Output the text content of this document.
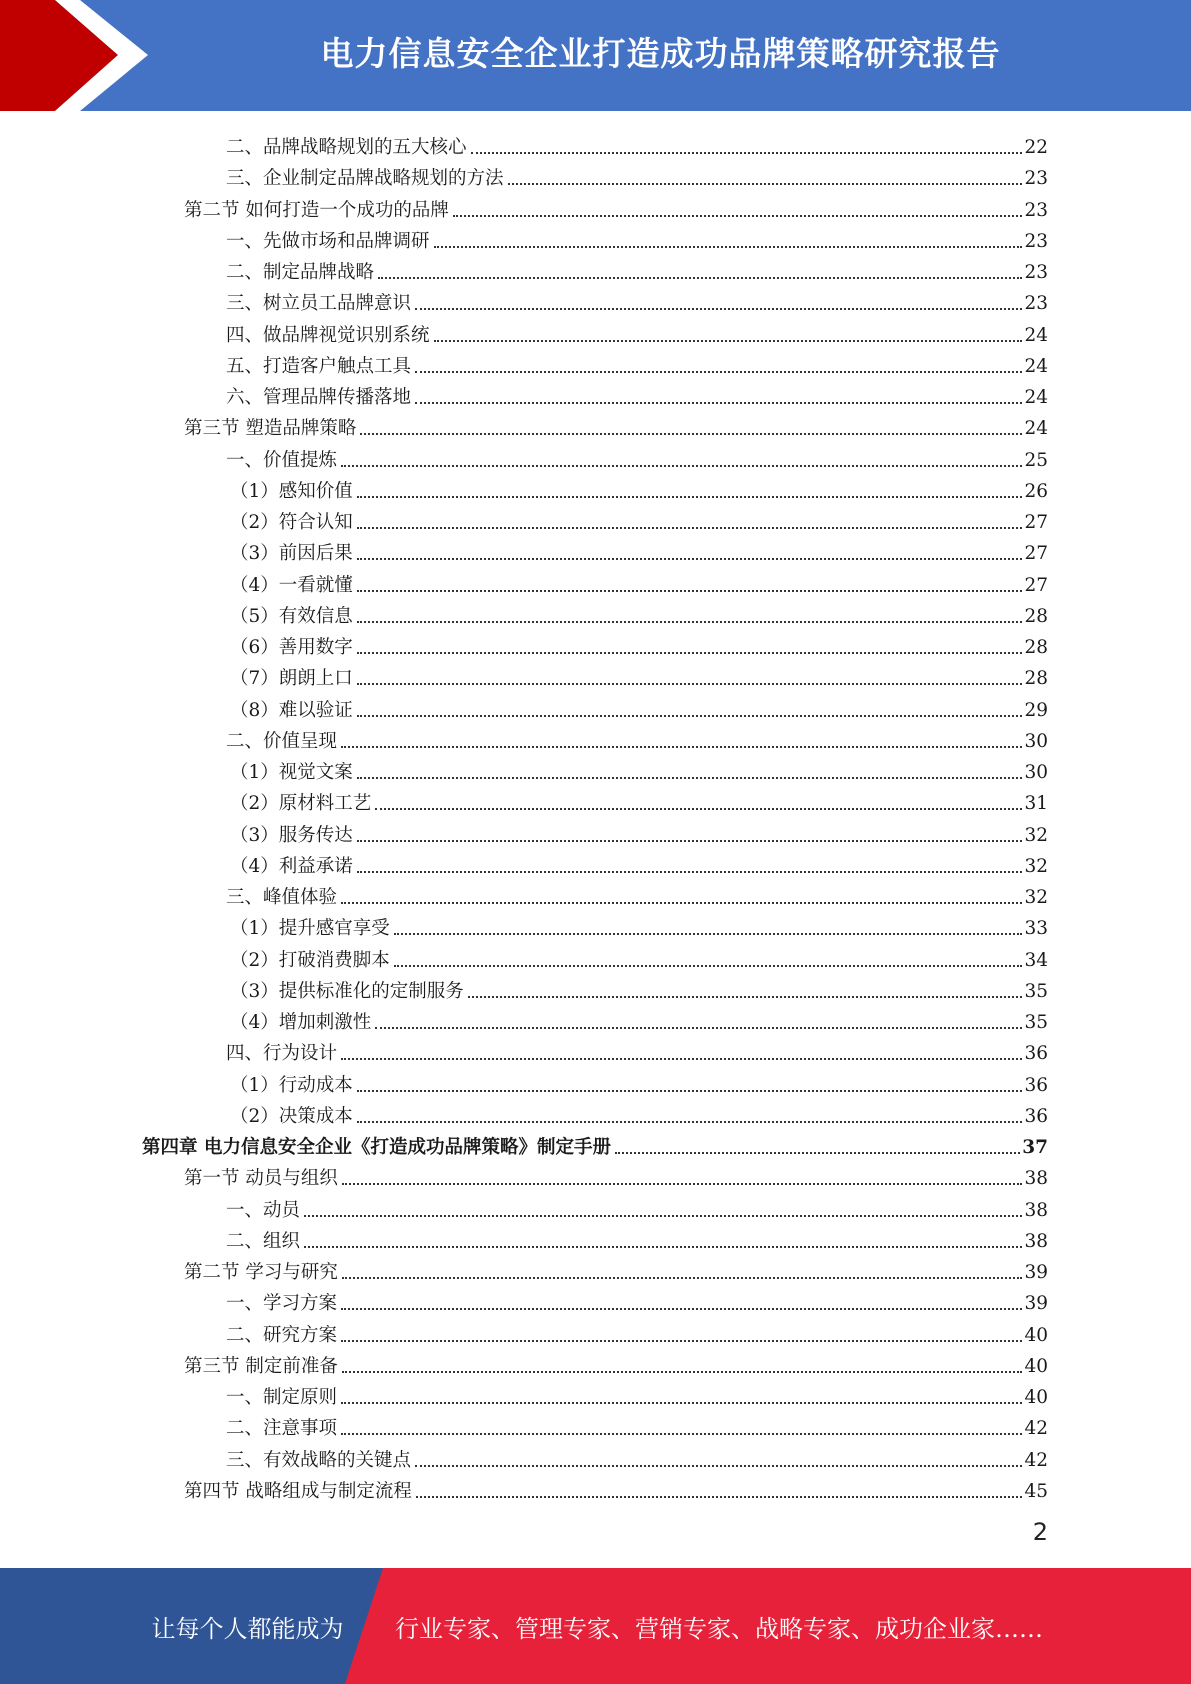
电力信息安全企业打造成功品牌策略研究报告
二、品牌战略规划的五大核心	22
三、企业制定品牌战略规划的方法	23
第二节 如何打造一个成功的品牌	23
一、先做市场和品牌调研	23
二、制定品牌战略	23
三、树立员工品牌意识	23
四、做品牌视觉识别系统	24
五、打造客户触点工具	24
六、管理品牌传播落地	24
第三节 塑造品牌策略	24
一、价值提炼	25
（1）感知价值	26
（2）符合认知	27
（3）前因后果	27
（4）一看就懂	27
（5）有效信息	28
（6）善用数字	28
（7）朗朗上口	28
（8）难以验证	29
二、价值呈现	30
（1）视觉文案	30
（2）原材料工艺	31
（3）服务传达	32
（4）利益承诺	32
三、峰值体验	32
（1）提升感官享受	33
（2）打破消费脚本	34
（3）提供标准化的定制服务	35
（4）增加刺激性	35
四、行为设计	36
（1）行动成本	36
（2）决策成本	36
第四章 电力信息安全企业《打造成功品牌策略》制定手册	37
第一节 动员与组织	38
一、动员	38
二、组织	38
第二节 学习与研究	39
一、学习方案	39
二、研究方案	40
第三节 制定前准备	40
一、制定原则	40
二、注意事项	42
三、有效战略的关键点	42
第四节 战略组成与制定流程	45
2
让每个人都能成为	行业专家、管理专家、营销专家、战略专家、成功企业家……
